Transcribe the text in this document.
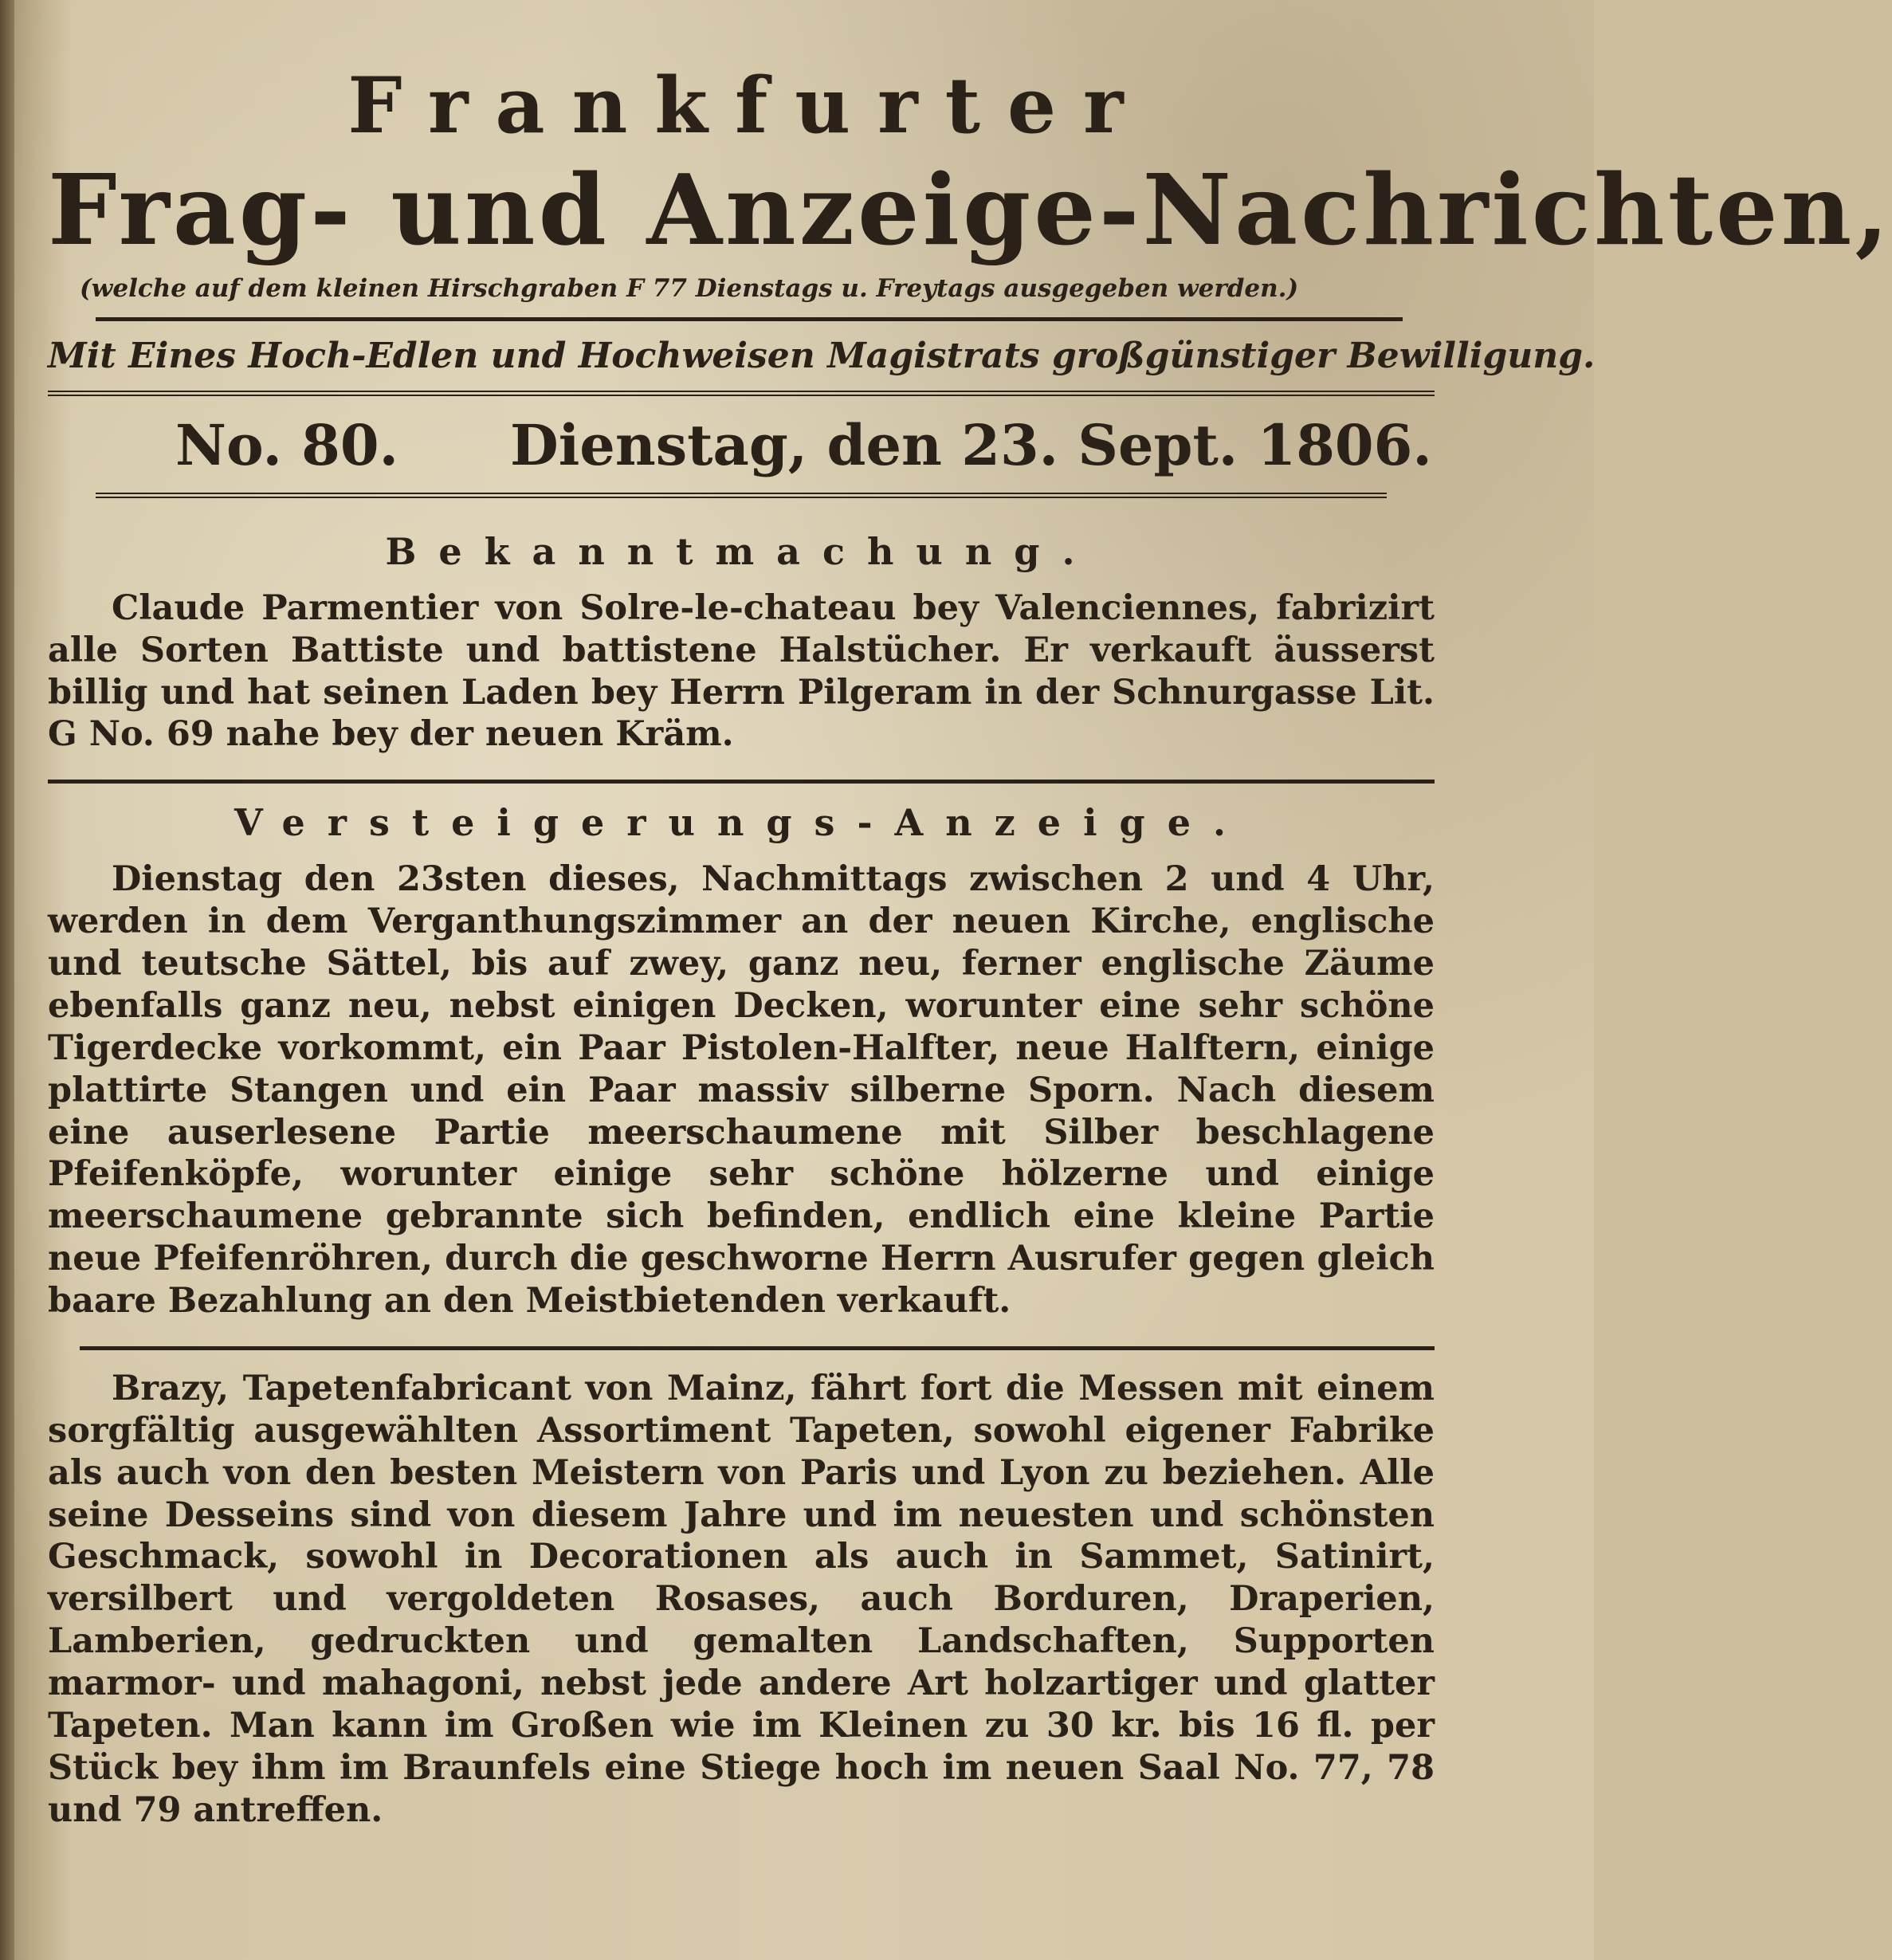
Frankfurter
Frag- und Anzeige-Nachrichten,
(welche auf dem kleinen Hirschgraben F 77 Dienstags u. Freytags ausgegeben werden.)
Mit Eines Hoch-Edlen und Hochweisen Magistrats großgünstiger Bewilligung.
No. 80.	Dienstag, den 23. Sept. 1806.
Bekanntmachung.
Claude Parmentier von Solre-le-chateau bey Valenciennes, fabrizirt alle Sorten Battiste und battistene Halstücher. Er verkauft äusserst billig und hat seinen Laden bey Herrn Pilgeram in der Schnurgasse Lit. G No. 69 nahe bey der neuen Kräm.
Versteigerungs-Anzeige.
Dienstag den 23sten dieses, Nachmittags zwischen 2 und 4 Uhr, werden in dem Verganthungszimmer an der neuen Kirche, englische und teutsche Sättel, bis auf zwey, ganz neu, ferner englische Zäume ebenfalls ganz neu, nebst einigen Decken, worunter eine sehr schöne Tigerdecke vorkommt, ein Paar Pistolen-Halfter, neue Halftern, einige plattirte Stangen und ein Paar massiv silberne Sporn. Nach diesem eine auserlesene Partie meerschaumene mit Silber beschlagene Pfeifenköpfe, worunter einige sehr schöne hölzerne und einige meerschaumene gebrannte sich befinden, endlich eine kleine Partie neue Pfeifenröhren, durch die geschworne Herrn Ausrufer gegen gleich baare Bezahlung an den Meistbietenden verkauft.
Brazy, Tapetenfabricant von Mainz, fährt fort die Messen mit einem sorgfältig ausgewählten Assortiment Tapeten, sowohl eigener Fabrike als auch von den besten Meistern von Paris und Lyon zu beziehen. Alle seine Desseins sind von diesem Jahre und im neuesten und schönsten Geschmack, sowohl in Decorationen als auch in Sammet, Satinirt, versilbert und vergoldeten Rosases, auch Borduren, Draperien, Lamberien, gedruckten und gemalten Landschaften, Supporten marmor- und mahagoni, nebst jede andere Art holzartiger und glatter Tapeten. Man kann im Großen wie im Kleinen zu 30 kr. bis 16 fl. per Stück bey ihm im Braunfels eine Stiege hoch im neuen Saal No. 77, 78 und 79 antreffen.
